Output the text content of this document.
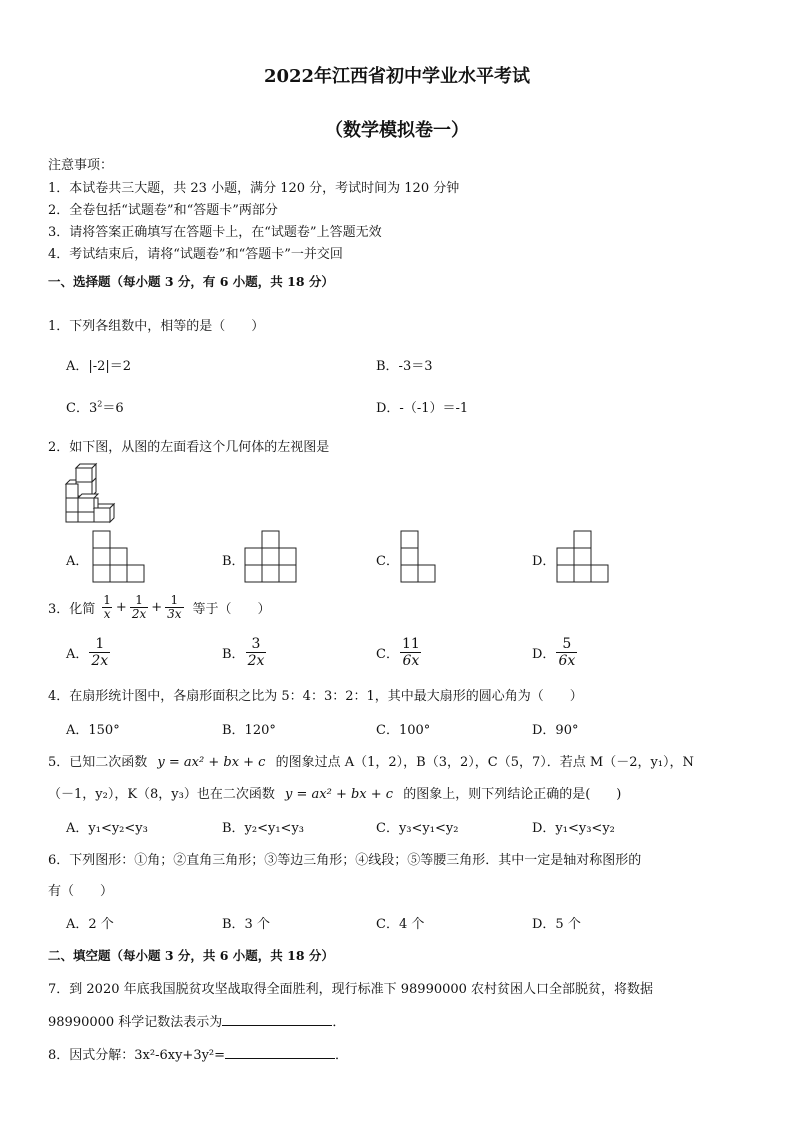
2022年江西省初中学业水平考试
（数学模拟卷一）
注意事项：
1．本试卷共三大题，共 23 小题，满分 120 分，考试时间为 120 分钟
2．全卷包括“试题卷”和“答题卡”两部分
3．请将答案正确填写在答题卡上，在“试题卷”上答题无效
4．考试结束后，请将“试题卷”和“答题卡”一并交回
一、选择题（每小题 3 分，有 6 小题，共 18 分）
1．下列各组数中，相等的是（　　）
A．|-2|＝2	B．-3＝3
C．$3^2=6$	D．-（-1）＝-1
2．如下图，从图的左面看这个几何体的左视图是
A．	B．	C．	D．
3．化简 $\frac{1}{x} + \frac{1}{2x} + \frac{1}{3x}$ 等于（　　）
A． $\frac{1}{2x}$	B． $\frac{3}{2x}$	C． $\frac{11}{6x}$	D． $\frac{5}{6x}$
4．在扇形统计图中，各扇形面积之比为 5：4：3：2：1，其中最大扇形的圆心角为（　　）
A．150°	B．120°	C．100°	D．90°
5．已知二次函数 y = ax² + bx + c 的图象过点 A（1，2），B（3，2），C（5，7）．若点 M（－2，y₁），N
（－1，y₂），K（8，y₃）也在二次函数 y = ax² + bx + c 的图象上，则下列结论正确的是(　　)
A．y₁<y₂<y₃	B．y₂<y₁<y₃	C．y₃<y₁<y₂	D．y₁<y₃<y₂
6．下列图形：①角；②直角三角形；③等边三角形；④线段；⑤等腰三角形．其中一定是轴对称图形的
有（　　）
A．2 个	B．3 个	C．4 个	D．5 个
二、填空题（每小题 3 分，共 6 小题，共 18 分）
7．到 2020 年底我国脱贫攻坚战取得全面胜利，现行标准下 98990000 农村贫困人口全部脱贫，将数据
98990000 科学记数法表示为	．
8．因式分解：3x²-6xy+3y²=	．
